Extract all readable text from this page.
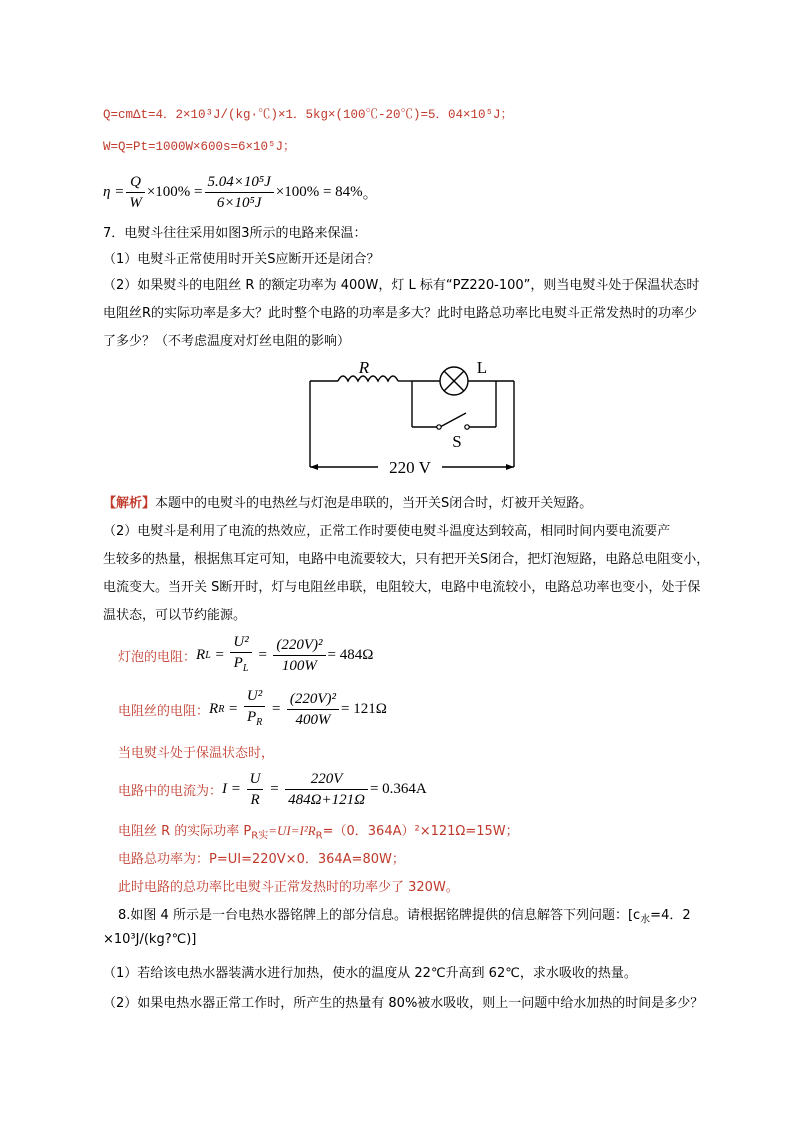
Q=cmΔt=4．2×10³J/(kg·℃)×1．5kg×(100℃-20℃)=5．04×10⁵J；
W=Q=Pt=1000W×600s=6×10⁵J；
$\eta = \frac{Q}{W} \times 100\% = \frac{\text{5.04×10⁵J}}{\text{6×10⁵J}} \times 100\% = 84\%$ 。
7．电熨斗往往采用如图3所示的电路来保温：
（1）电熨斗正常使用时开关S应断开还是闭合？
（2）如果熨斗的电阻丝 R 的额定功率为 400W，灯 L 标有“PZ220-100”，则当电熨斗处于保温状态时
电阻丝R的实际功率是多大？此时整个电路的功率是多大？此时电路总功率比电熨斗正常发热时的功率少
了多少？（不考虑温度对灯丝电阻的影响）
R	L
S
220 V
【解析】本题中的电熨斗的电热丝与灯泡是串联的，当开关S闭合时，灯被开关短路。
（2）电熨斗是利用了电流的热效应，正常工作时要使电熨斗温度达到较高，相同时间内要电流要产
生较多的热量，根据焦耳定可知，电路中电流要较大，只有把开关S闭合，把灯泡短路，电路总电阻变小，
电流变大。当开关 S断开时，灯与电阻丝串联，电阻较大，电路中电流较小，电路总功率也变小，处于保
温状态，可以节约能源。
灯泡的电阻： R $L = \frac{\text{U²}}{P_L} = \frac{\text{(220V)²}}{100W} = 484\Omega$
电阻丝的电阻： R $R = \frac{\text{U²}}{P_R} = \frac{\text{(220V)²}}{400W} = 121\Omega$
当电熨斗处于保温状态时，
电路中的电流为： I =
$\frac{U}{R} = \frac{220V}{484\Omega+121\Omega} = 0.364A$
电阻丝 R 的实际功率 $P_{R实}=UI=I^2R_R=(0$．364A）²×121Ω=15W；
电路总功率为：P=UI=220V×0．364A=80W；
此时电路的总功率比电熨斗正常发热时的功率少了 320W。
8.如图 4 所示是一台电热水器铭牌上的部分信息。请根据铭牌提供的信息解答下列问题：[$c_水=4$．2
×10³J/(kg?℃)]
（1）若给该电热水器装满水进行加热，使水的温度从 22℃升高到 62℃，求水吸收的热量。
（2）如果电热水器正常工作时，所产生的热量有 80%被水吸收，则上一问题中给水加热的时间是多少？
